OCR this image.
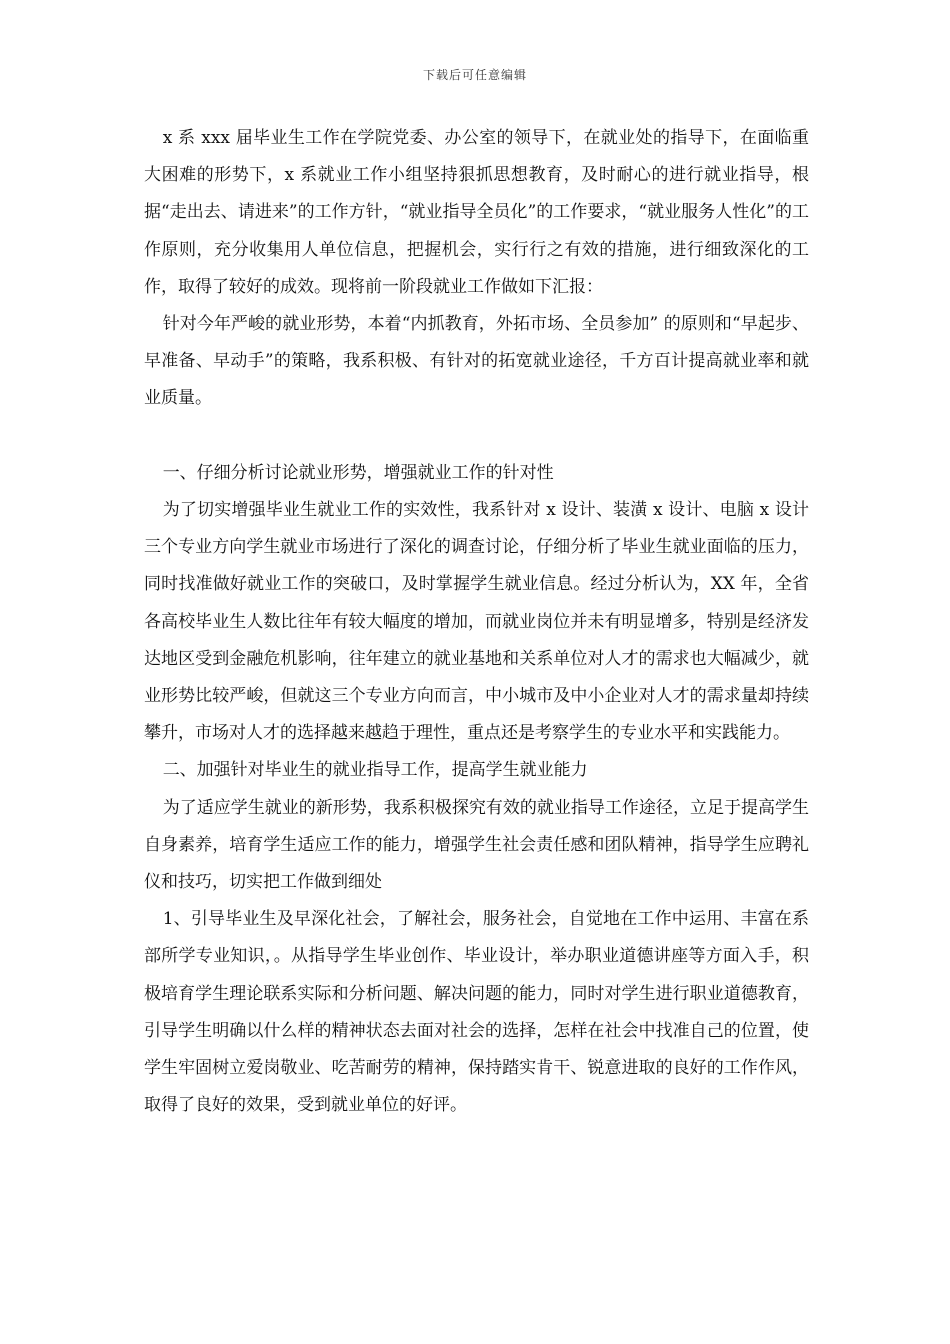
下载后可任意编辑

x 系 xxx 届毕业生工作在学院党委、办公室的领导下，在就业处的指导下，在面临重大困难的形势下，x 系就业工作小组坚持狠抓思想教育，及时耐心的进行就业指导，根据“走出去、请进来”的工作方针，“就业指导全员化”的工作要求，“就业服务人性化”的工作原则，充分收集用人单位信息，把握机会，实行行之有效的措施，进行细致深化的工作，取得了较好的成效。现将前一阶段就业工作做如下汇报：

针对今年严峻的就业形势，本着“内抓教育，外拓市场、全员参加” 的原则和“早起步、早准备、早动手”的策略，我系积极、有针对的拓宽就业途径，千方百计提高就业率和就业质量。

一、仔细分析讨论就业形势，增强就业工作的针对性

为了切实增强毕业生就业工作的实效性，我系针对 x 设计、装潢 x 设计、电脑 x 设计三个专业方向学生就业市场进行了深化的调查讨论，仔细分析了毕业生就业面临的压力，同时找准做好就业工作的突破口，及时掌握学生就业信息。经过分析认为，XX 年，全省各高校毕业生人数比往年有较大幅度的增加，而就业岗位并未有明显增多，特别是经济发达地区受到金融危机影响，往年建立的就业基地和关系单位对人才的需求也大幅减少，就业形势比较严峻，但就这三个专业方向而言，中小城市及中小企业对人才的需求量却持续攀升，市场对人才的选择越来越趋于理性，重点还是考察学生的专业水平和实践能力。

二、加强针对毕业生的就业指导工作，提高学生就业能力

为了适应学生就业的新形势，我系积极探究有效的就业指导工作途径，立足于提高学生自身素养，培育学生适应工作的能力，增强学生社会责任感和团队精神，指导学生应聘礼仪和技巧，切实把工作做到细处

1、引导毕业生及早深化社会，了解社会，服务社会，自觉地在工作中运用、丰富在系部所学专业知识，。从指导学生毕业创作、毕业设计，举办职业道德讲座等方面入手，积极培育学生理论联系实际和分析问题、解决问题的能力，同时对学生进行职业道德教育，引导学生明确以什么样的精神状态去面对社会的选择，怎样在社会中找准自己的位置，使学生牢固树立爱岗敬业、吃苦耐劳的精神，保持踏实肯干、锐意进取的良好的工作作风，取得了良好的效果，受到就业单位的好评。
